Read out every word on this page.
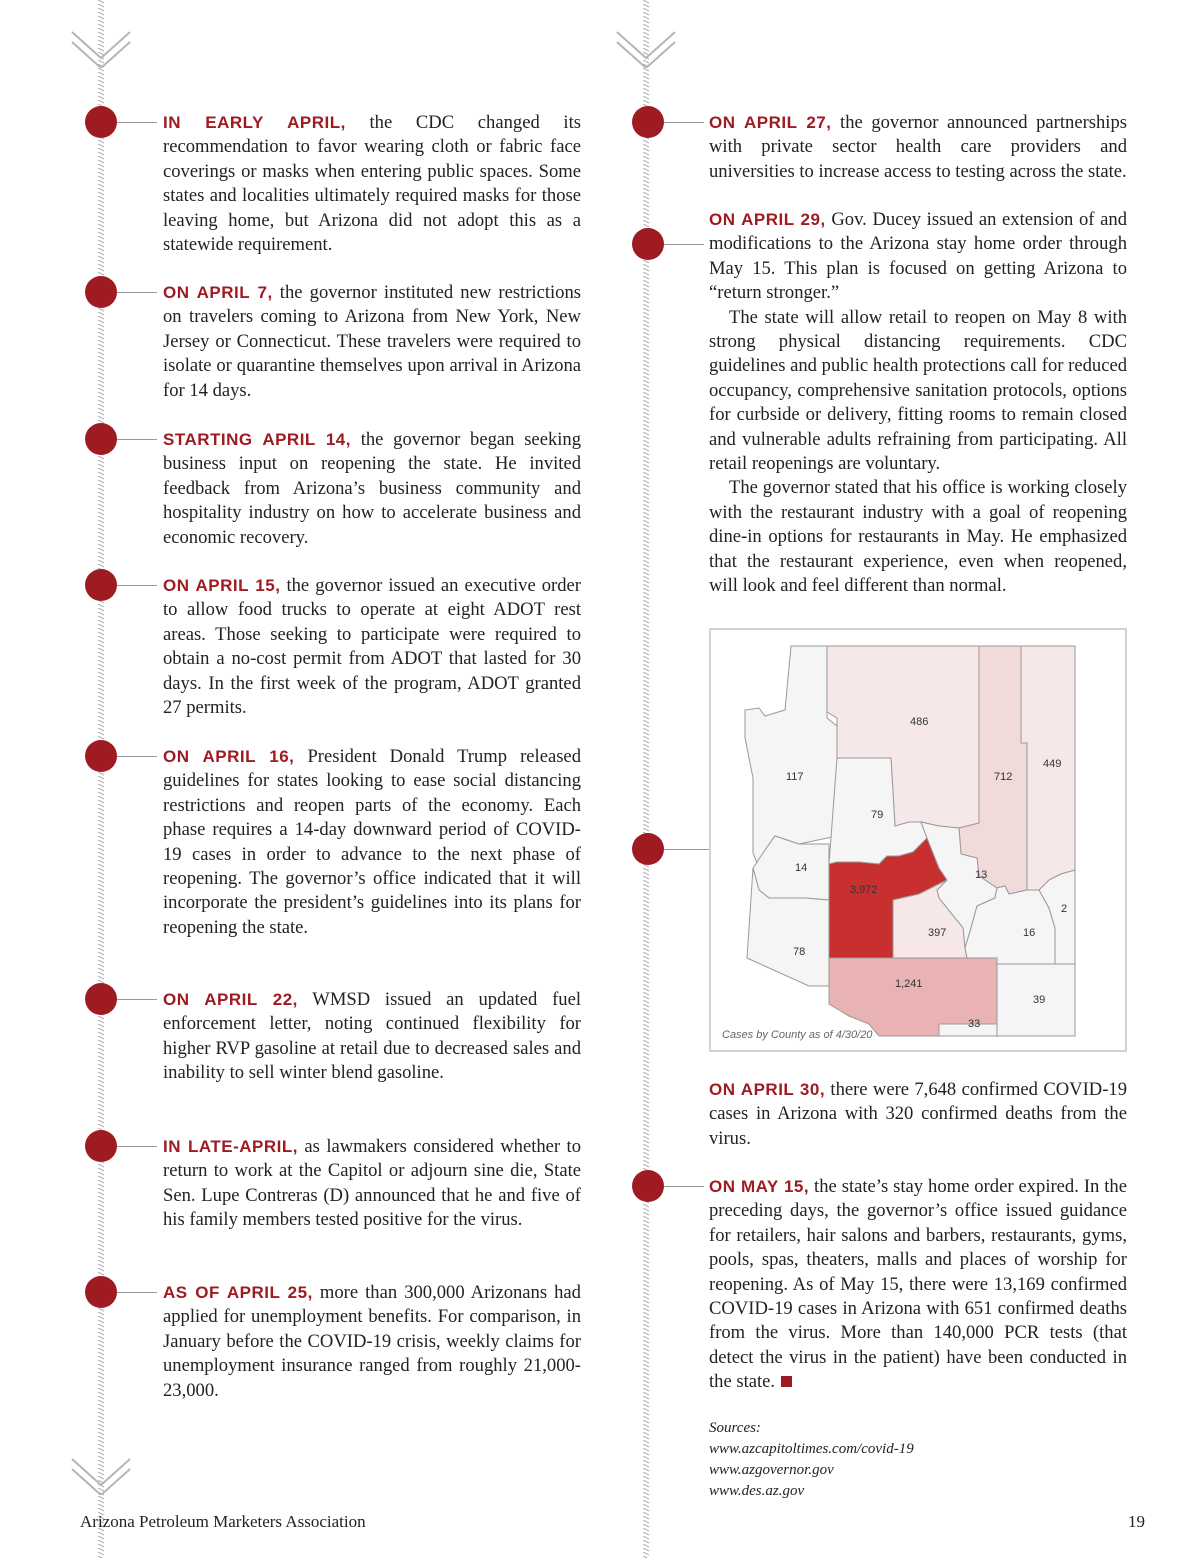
IN EARLY APRIL, the CDC changed its recommendation to favor wearing cloth or fabric face coverings or masks when entering public spaces. Some states and localities ultimately required masks for those leaving home, but Arizona did not adopt this as a statewide requirement.
ON APRIL 7, the governor instituted new restrictions on travelers coming to Arizona from New York, New Jersey or Connecticut. These travelers were required to isolate or quarantine themselves upon arrival in Arizona for 14 days.
STARTING APRIL 14, the governor began seeking business input on reopening the state. He invited feedback from Arizona’s business community and hospitality industry on how to accelerate business and economic recovery.
ON APRIL 15, the governor issued an executive order to allow food trucks to operate at eight ADOT rest areas. Those seeking to participate were required to obtain a no-cost permit from ADOT that lasted for 30 days. In the first week of the program, ADOT granted 27 permits.
ON APRIL 16, President Donald Trump released guidelines for states looking to ease social distancing restrictions and reopen parts of the economy. Each phase requires a 14-day downward period of COVID-19 cases in order to advance to the next phase of reopening. The governor’s office indicated that it will incorporate the president’s guidelines into its plans for reopening the state.
ON APRIL 22, WMSD issued an updated fuel enforcement letter, noting continued flexibility for higher RVP gasoline at retail due to decreased sales and inability to sell winter blend gasoline.
IN LATE-APRIL, as lawmakers considered whether to return to work at the Capitol or adjourn sine die, State Sen. Lupe Contreras (D) announced that he and five of his family members tested positive for the virus.
AS OF APRIL 25, more than 300,000 Arizonans had applied for unemployment benefits. For comparison, in January before the COVID-19 crisis, weekly claims for unemployment insurance ranged from roughly 21,000-23,000.
ON APRIL 27, the governor announced partnerships with private sector health care providers and universities to increase access to testing across the state.

ON APRIL 29, Gov. Ducey issued an extension of and modifications to the Arizona stay home order through May 15. This plan is focused on getting Arizona to “return stronger.”

The state will allow retail to reopen on May 8 with strong physical distancing requirements. CDC guidelines and public health protections call for reduced occupancy, comprehensive sanitation protocols, options for curbside or delivery, fitting rooms to remain closed and vulnerable adults refraining from participating. All retail reopenings are voluntary.

The governor stated that his office is working closely with the restaurant industry with a goal of reopening dine-in options for restaurants in May. He emphasized that the restaurant experience, even when reopened, will look and feel different than normal.

117
486
712
449
79
14
3,972
13
78
397	16
2
1,241
39
33
Cases by County as of 4/30/20
ON APRIL 30, there were 7,648 confirmed COVID-19 cases in Arizona with 320 confirmed deaths from the virus.
ON MAY 15, the state’s stay home order expired. In the preceding days, the governor’s office issued guidance for retailers, hair salons and barbers, restaurants, gyms, pools, spas, theaters, malls and places of worship for reopening. As of May 15, there were 13,169 confirmed COVID-19 cases in Arizona with 651 confirmed deaths from the virus. More than 140,000 PCR tests (that detect the virus in the patient) have been conducted in the state.
Sources:
www.azcapitoltimes.com/covid-19
www.azgovernor.gov
www.des.az.gov
Arizona Petroleum Marketers Association	19
